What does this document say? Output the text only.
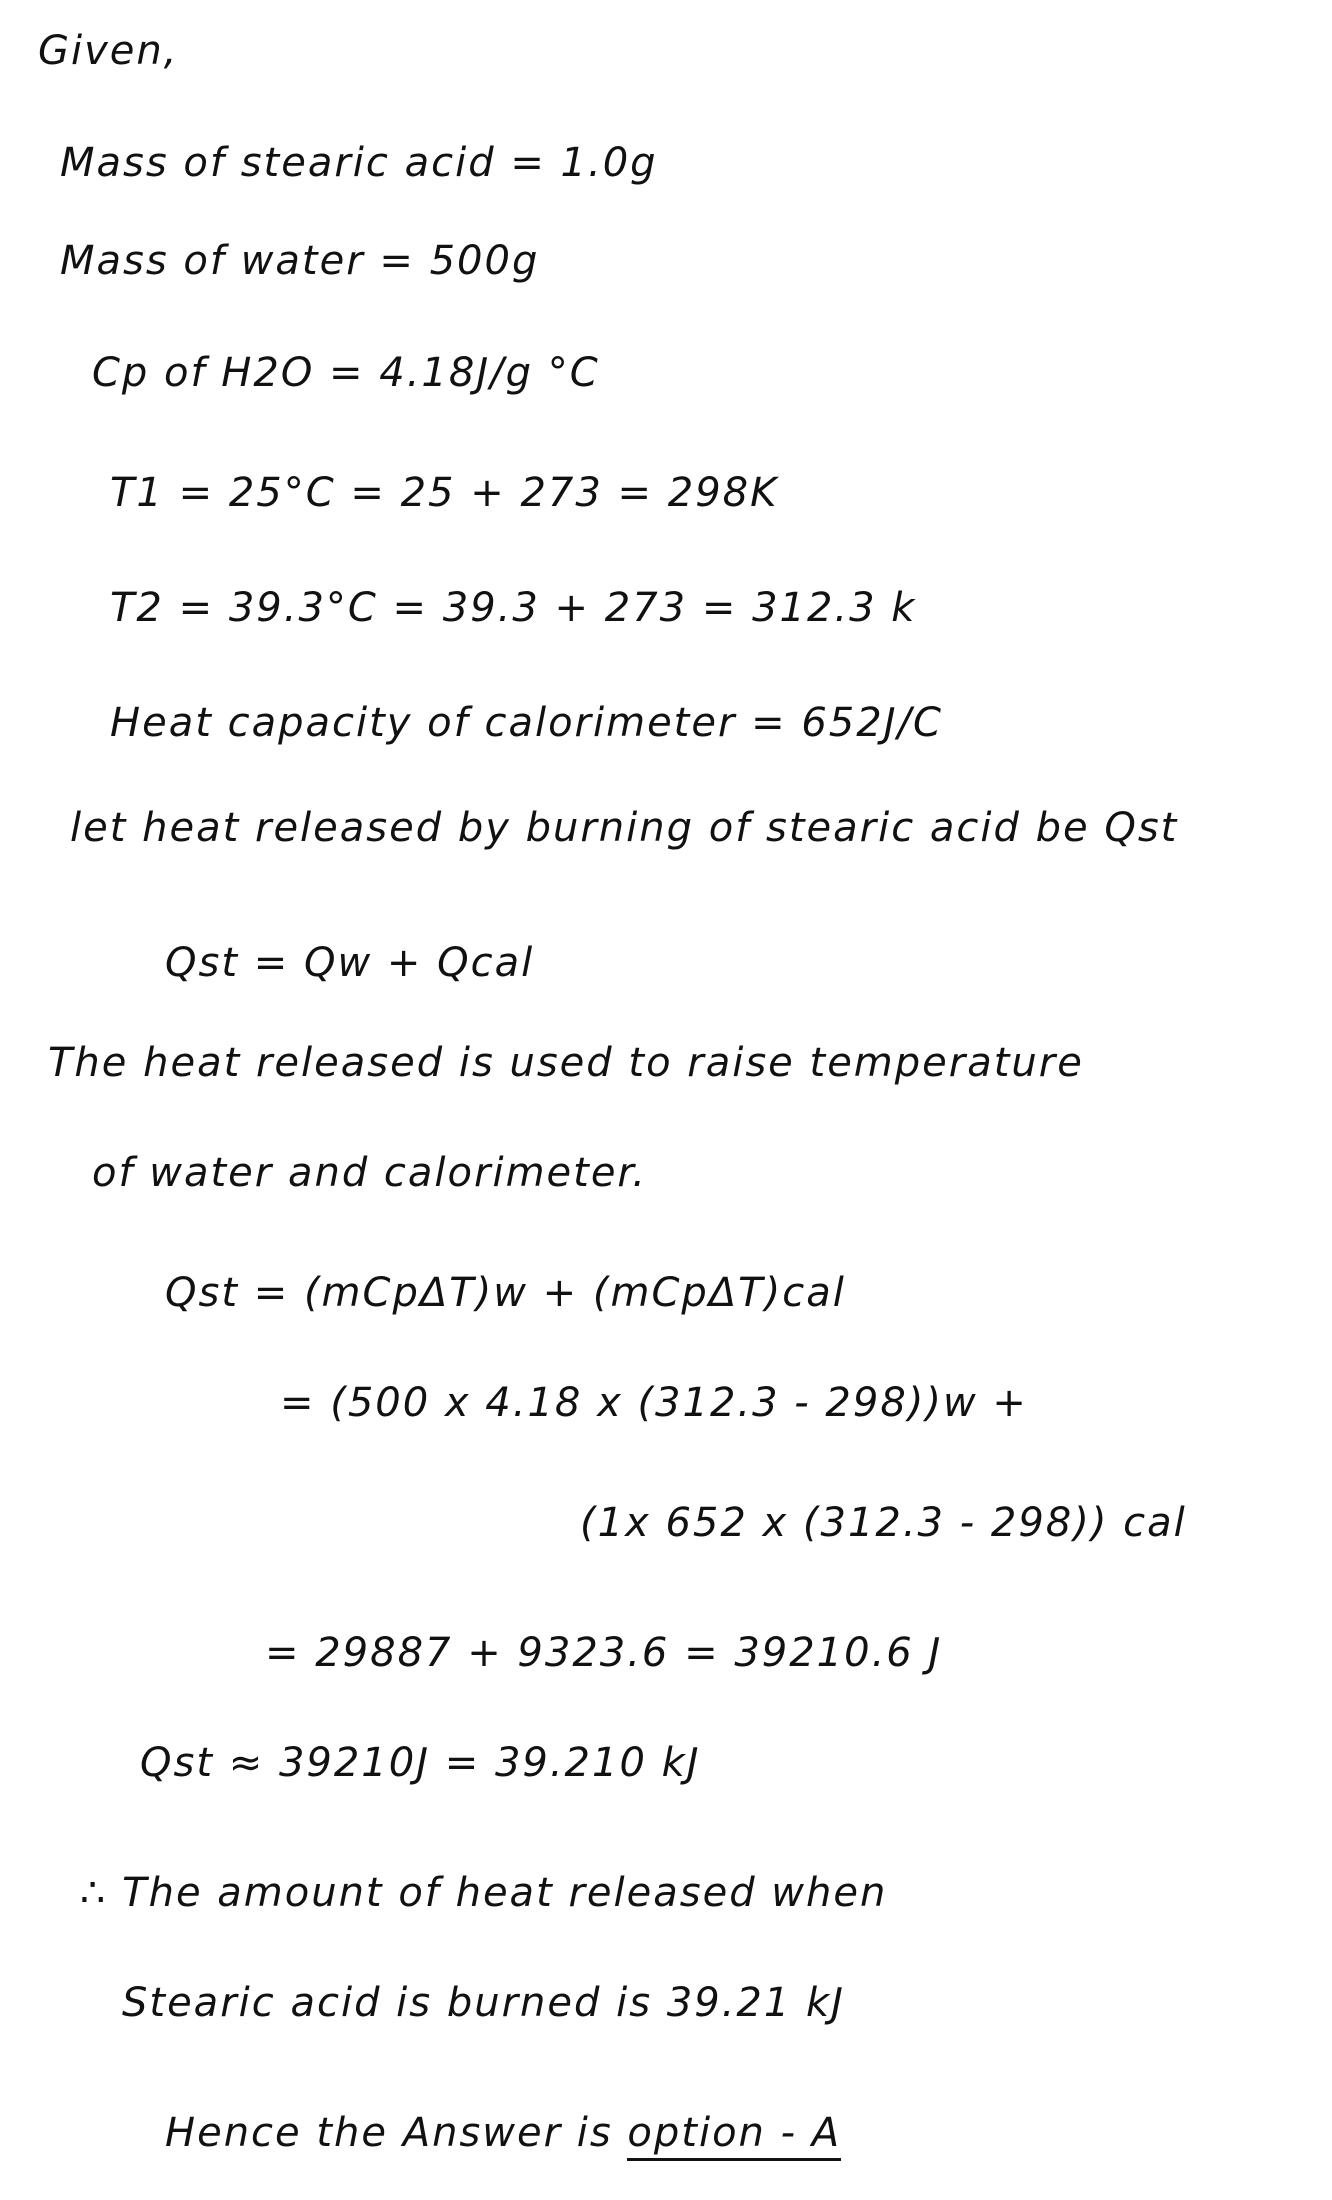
Given,
Mass of stearic acid = 1.0g
Mass of water = 500g
Cp of H2O = 4.18J/g °C
T1 = 25°C = 25 + 273 = 298K
T2 = 39.3°C = 39.3 + 273 = 312.3 k
Heat capacity of calorimeter = 652J/C
let heat released by burning of stearic acid be Qst
Qst = Qw + Qcal
The heat released is used to raise temperature
of water and calorimeter.
Qst = (mCpΔT)w + (mCpΔT)cal
= (500 x 4.18 x (312.3 - 298))w +
(1x 652 x (312.3 - 298)) cal
= 29887 + 9323.6 = 39210.6 J
Qst ≈ 39210J = 39.210 kJ
∴ The amount of heat released when
Stearic acid is burned is 39.21 kJ
Hence the Answer is option - A
